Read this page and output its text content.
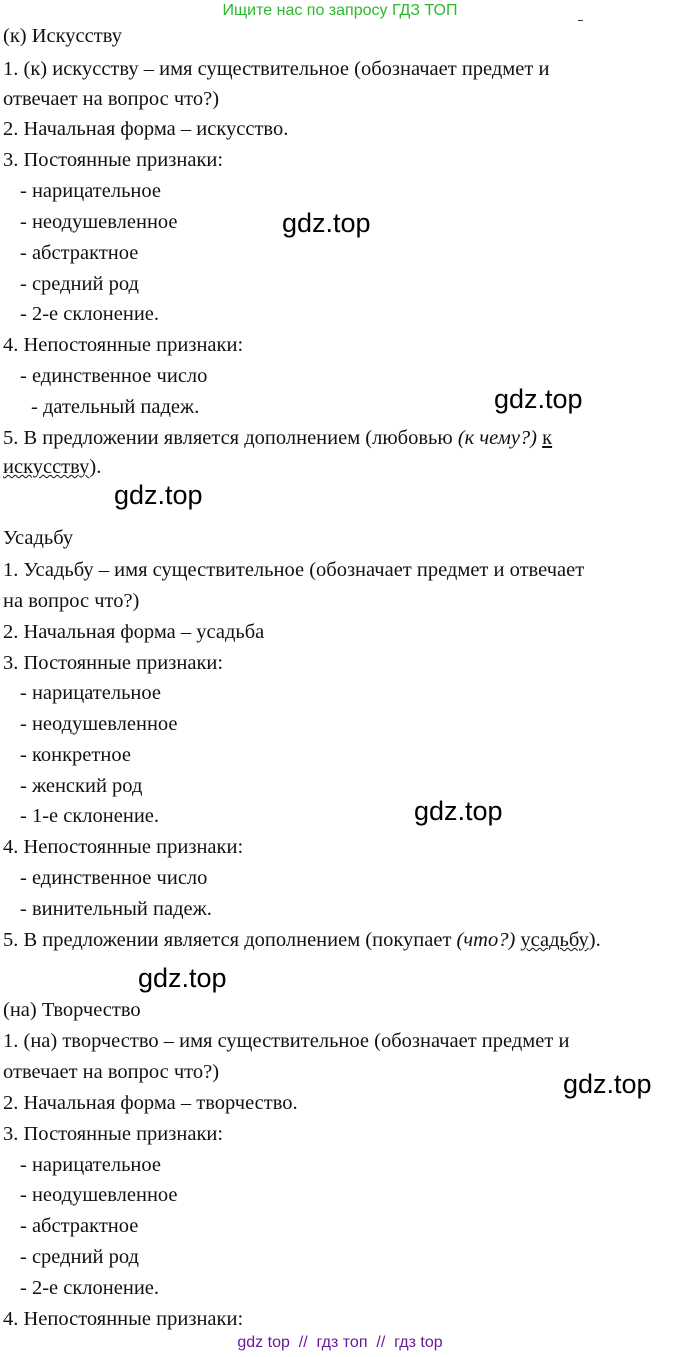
Ищите нас по запросу ГДЗ ТОП
(к) Искусству
1. (к) искусству – имя существительное (обозначает предмет и
отвечает на вопрос что?)
2. Начальная форма – искусство.
3. Постоянные признаки:
- нарицательное
- неодушевленное
- абстрактное
- средний род
- 2-е склонение.
4. Непостоянные признаки:
- единственное число
- дательный падеж.
5. В предложении является дополнением (любовью (к чему?) к
искусству).
Усадьбу
1. Усадьбу – имя существительное (обозначает предмет и отвечает
на вопрос что?)
2. Начальная форма – усадьба
3. Постоянные признаки:
- нарицательное
- неодушевленное
- конкретное
- женский род
- 1-е склонение.
4. Непостоянные признаки:
- единственное число
- винительный падеж.
5. В предложении является дополнением (покупает (что?) усадьбу).
(на) Творчество
1. (на) творчество – имя существительное (обозначает предмет и
отвечает на вопрос что?)
2. Начальная форма – творчество.
3. Постоянные признаки:
- нарицательное
- неодушевленное
- абстрактное
- средний род
- 2-е склонение.
4. Непостоянные признаки:
gdz.top
gdz.top
gdz.top
gdz.top
gdz.top
gdz.top
gdz top  //  гдз топ  //  гдз top
